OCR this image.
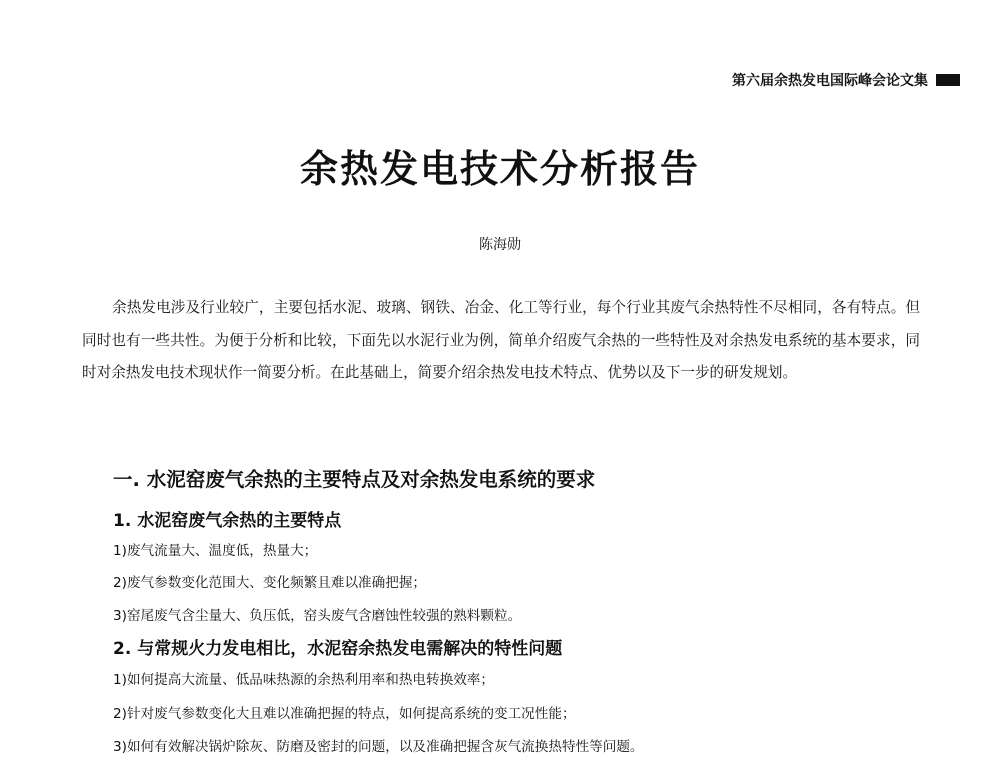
第六届余热发电国际峰会论文集
余热发电技术分析报告
陈海勋

余热发电涉及行业较广，主要包括水泥、玻璃、钢铁、冶金、化工等行业，每个行业其废气余热特性不尽相同，各有特点。但同时也有一些共性。为便于分析和比较，下面先以水泥行业为例，简单介绍废气余热的一些特性及对余热发电系统的基本要求，同时对余热发电技术现状作一简要分析。在此基础上，简要介绍余热发电技术特点、优势以及下一步的研发规划。

一. 水泥窑废气余热的主要特点及对余热发电系统的要求
1. 水泥窑废气余热的主要特点
1)废气流量大、温度低，热量大；
2)废气参数变化范围大、变化频繁且难以准确把握；
3)窑尾废气含尘量大、负压低，窑头废气含磨蚀性较强的熟料颗粒。
2. 与常规火力发电相比，水泥窑余热发电需解决的特性问题
1)如何提高大流量、低品味热源的余热利用率和热电转换效率；
2)针对废气参数变化大且难以准确把握的特点，如何提高系统的变工况性能；
3)如何有效解决锅炉除灰、防磨及密封的问题，以及准确把握含灰气流换热特性等问题。
